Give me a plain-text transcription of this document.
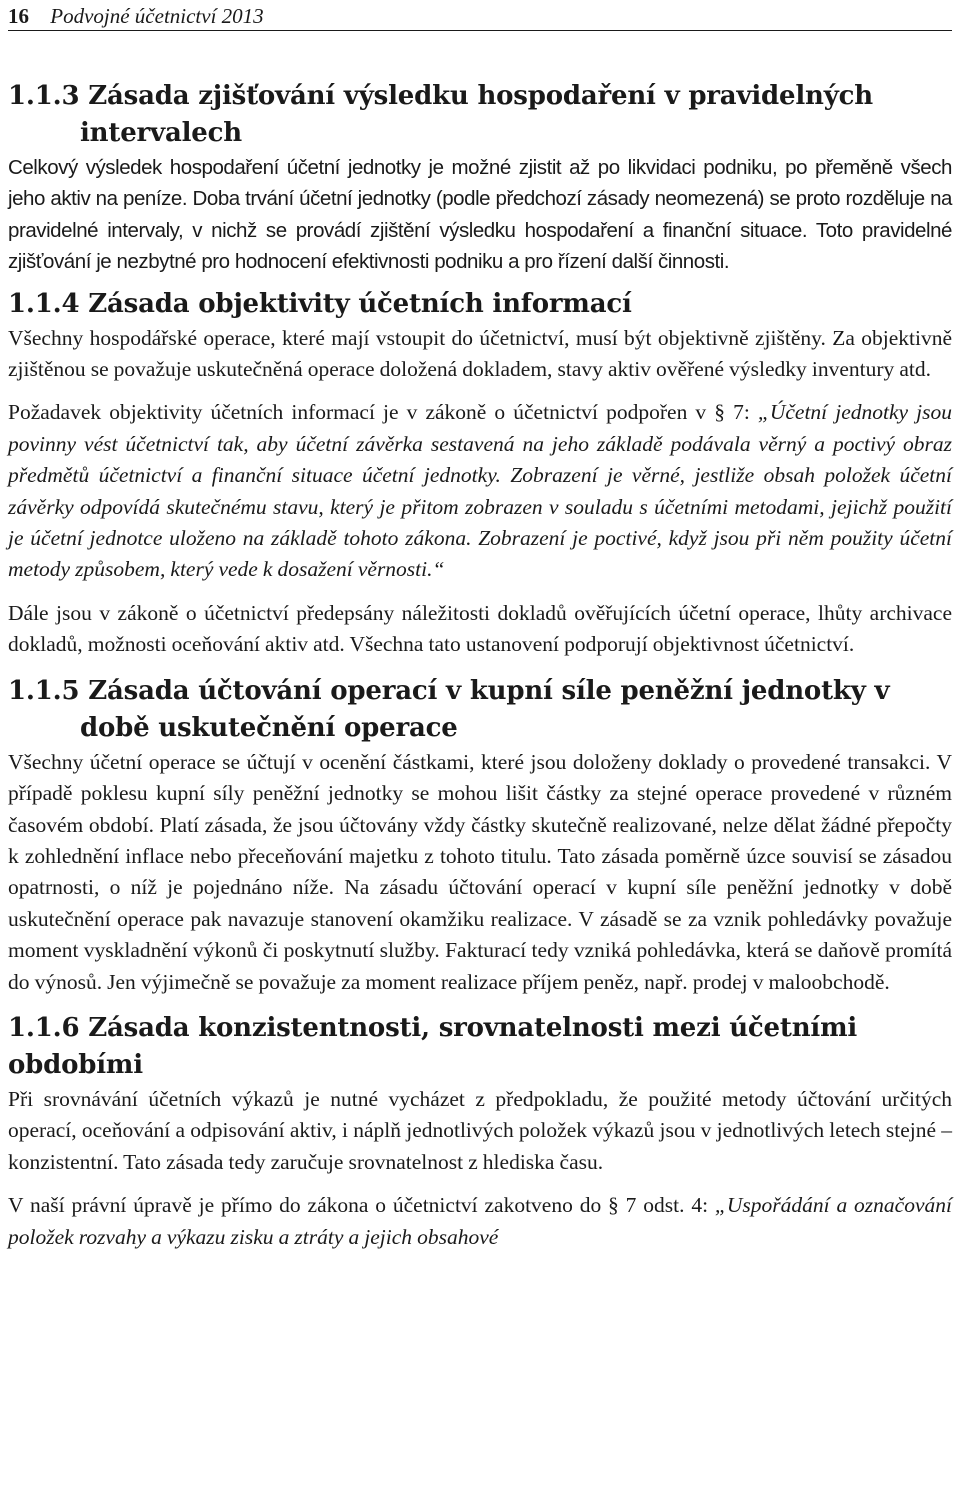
16 Podvojné účetnictví 2013
1.1.3 Zásada zjišťování výsledku hospodaření v pravidelných intervalech

Celkový výsledek hospodaření účetní jednotky je možné zjistit až po likvidaci podniku, po přeměně všech jeho aktiv na peníze. Doba trvání účetní jednotky (podle předchozí zásady neomezená) se proto rozděluje na pravidelné intervaly, v nichž se provádí zjištění výsledku hospodaření a finanční situace. Toto pravidelné zjišťování je nezbytné pro hodnocení efektivnosti podniku a pro řízení další činnosti.

1.1.4 Zásada objektivity účetních informací

Všechny hospodářské operace, které mají vstoupit do účetnictví, musí být objektivně zjištěny. Za objektivně zjištěnou se považuje uskutečněná operace doložená dokladem, stavy aktiv ověřené výsledky inventury atd.

Požadavek objektivity účetních informací je v zákoně o účetnictví podpořen v § 7: „Účetní jednotky jsou povinny vést účetnictví tak, aby účetní závěrka sestavená na jeho základě podávala věrný a poctivý obraz předmětů účetnictví a finanční situace účetní jednotky. Zobrazení je věrné, jestliže obsah položek účetní závěrky odpovídá skutečnému stavu, který je přitom zobrazen v souladu s účetními metodami, jejichž použití je účetní jednotce uloženo na základě tohoto zákona. Zobrazení je poctivé, když jsou při něm použity účetní metody způsobem, který vede k dosažení věrnosti.“

Dále jsou v zákoně o účetnictví předepsány náležitosti dokladů ověřujících účetní operace, lhůty archivace dokladů, možnosti oceňování aktiv atd. Všechna tato ustanovení podporují objektivnost účetnictví.

1.1.5 Zásada účtování operací v kupní síle peněžní jednotky v době uskutečnění operace

Všechny účetní operace se účtují v ocenění částkami, které jsou doloženy doklady o provedené transakci. V případě poklesu kupní síly peněžní jednotky se mohou lišit částky za stejné operace provedené v různém časovém období. Platí zásada, že jsou účtovány vždy částky skutečně realizované, nelze dělat žádné přepočty k zohlednění inflace nebo přeceňování majetku z tohoto titulu. Tato zásada poměrně úzce souvisí se zásadou opatrnosti, o níž je pojednáno níže. Na zásadu účtování operací v kupní síle peněžní jednotky v době uskutečnění operace pak navazuje stanovení okamžiku realizace. V zásadě se za vznik pohledávky považuje moment vyskladnění výkonů či poskytnutí služby. Fakturací tedy vzniká pohledávka, která se daňově promítá do výnosů. Jen výjimečně se považuje za moment realizace příjem peněz, např. prodej v maloobchodě.

1.1.6 Zásada konzistentnosti, srovnatelnosti mezi účetními obdobími

Při srovnávání účetních výkazů je nutné vycházet z předpokladu, že použité metody účtování určitých operací, oceňování a odpisování aktiv, i náplň jednotlivých položek výkazů jsou v jednotlivých letech stejné – konzistentní. Tato zásada tedy zaručuje srovnatelnost z hlediska času.

V naší právní úpravě je přímo do zákona o účetnictví zakotveno do § 7 odst. 4: „Uspořádání a označování položek rozvahy a výkazu zisku a ztráty a jejich obsahové
